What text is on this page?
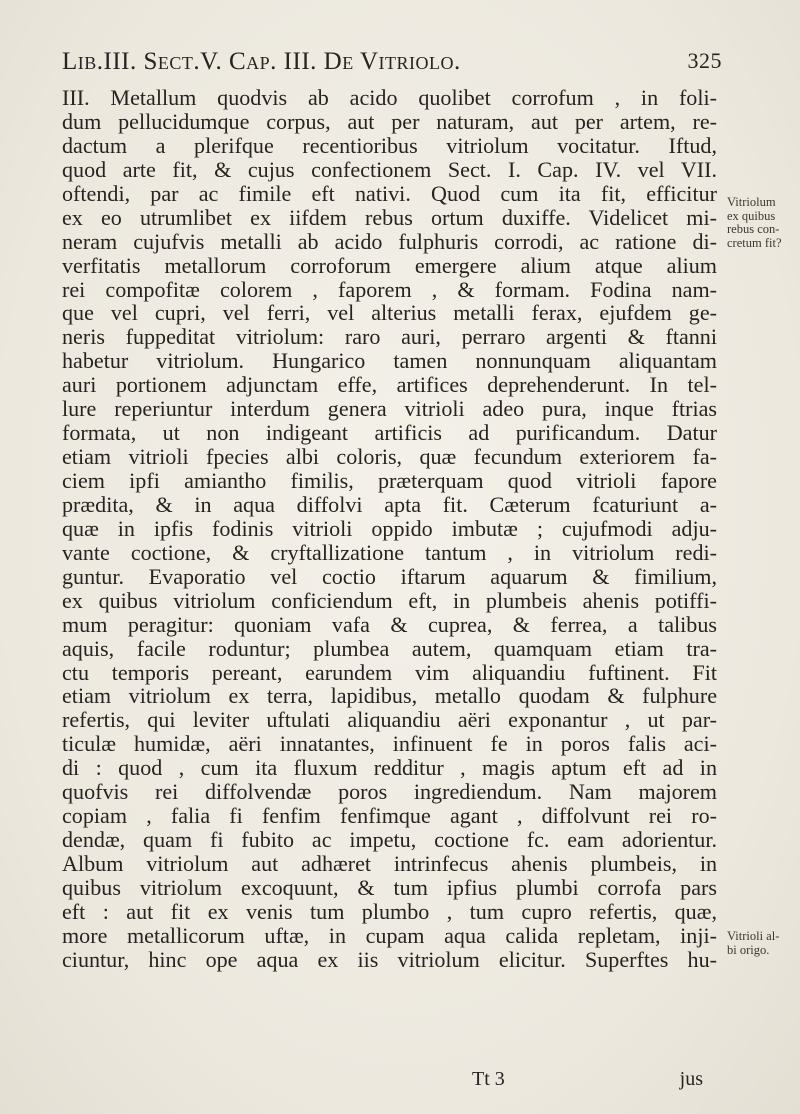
Lib.III. Sect.V. Cap. III. De Vitriolo.	325
III. Metallum quodvis ab acido quolibet corrofum , in foli-
dum pellucidumque corpus, aut per naturam, aut per artem, re-
dactum a plerifque recentioribus vitriolum vocitatur. Iftud,
quod arte fit, & cujus confectionem Sect. I. Cap. IV. vel VII.
oftendi, par ac fimile eft nativi. Quod cum ita fit, efficitur
ex eo utrumlibet ex iifdem rebus ortum duxiffe. Videlicet mi-
neram cujufvis metalli ab acido fulphuris corrodi, ac ratione di-
verfitatis metallorum corroforum emergere alium atque alium
rei compofitæ colorem , faporem , & formam. Fodina nam-
que vel cupri, vel ferri, vel alterius metalli ferax, ejufdem ge-
neris fuppeditat vitriolum: raro auri, perraro argenti & ftanni
habetur vitriolum. Hungarico tamen nonnunquam aliquantam
auri portionem adjunctam effe, artifices deprehenderunt. In tel-
lure reperiuntur interdum genera vitrioli adeo pura, inque ftrias
formata, ut non indigeant artificis ad purificandum. Datur
etiam vitrioli fpecies albi coloris, quæ fecundum exteriorem fa-
ciem ipfi amiantho fimilis, præterquam quod vitrioli fapore
prædita, & in aqua diffolvi apta fit. Cæterum fcaturiunt a-
quæ in ipfis fodinis vitrioli oppido imbutæ ; cujufmodi adju-
vante coctione, & cryftallizatione tantum , in vitriolum redi-
guntur. Evaporatio vel coctio iftarum aquarum & fimilium,
ex quibus vitriolum conficiendum eft, in plumbeis ahenis potiffi-
mum peragitur: quoniam vafa & cuprea, & ferrea, a talibus
aquis, facile roduntur; plumbea autem, quamquam etiam tra-
ctu temporis pereant, earundem vim aliquandiu fuftinent. Fit
etiam vitriolum ex terra, lapidibus, metallo quodam & fulphure
refertis, qui leviter uftulati aliquandiu aëri exponantur , ut par-
ticulæ humidæ, aëri innatantes, infinuent fe in poros falis aci-
di : quod , cum ita fluxum redditur , magis aptum eft ad in
quofvis rei diffolvendæ poros ingrediendum. Nam majorem
copiam , falia fi fenfim fenfimque agant , diffolvunt rei ro-
dendæ, quam fi fubito ac impetu, coctione fc. eam adorientur.
Album vitriolum aut adhæret intrinfecus ahenis plumbeis, in
quibus vitriolum excoquunt, & tum ipfius plumbi corrofa pars
eft : aut fit ex venis tum plumbo , tum cupro refertis, quæ,
more metallicorum uftæ, in cupam aqua calida repletam, inji-
ciuntur, hinc ope aqua ex iis vitriolum elicitur. Superftes hu-
Vitriolum
ex quibus
rebus con-
cretum fit?
Vitrioli al-
bi origo.
Tt 3	jus
